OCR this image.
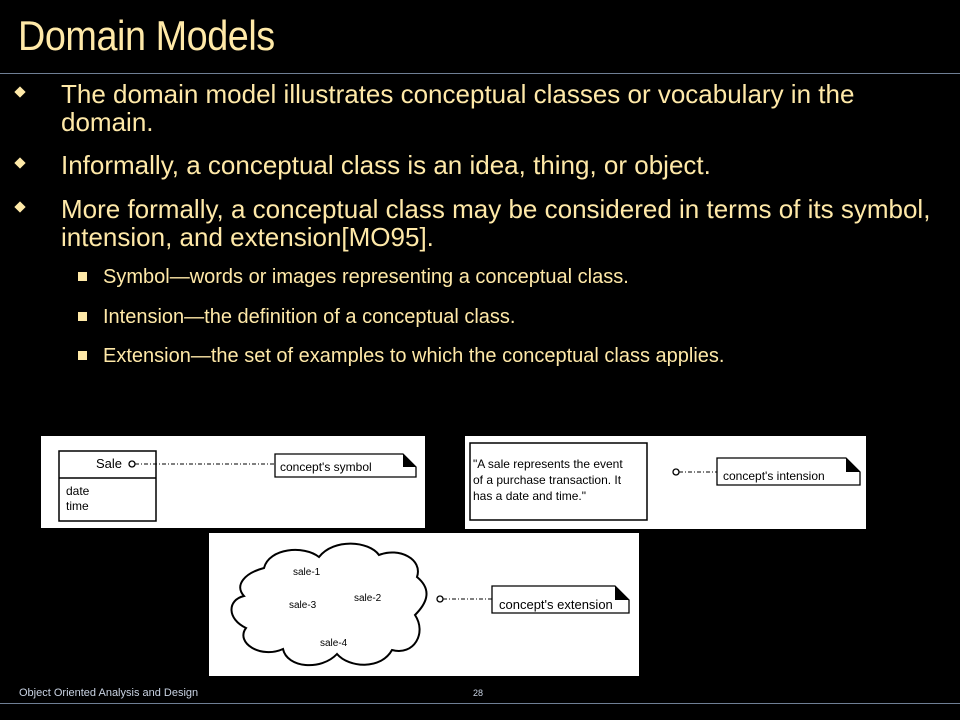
Domain Models
The domain model illustrates conceptual classes or vocabulary in the domain.
Informally, a conceptual class is an idea, thing, or object.
More formally, a conceptual class may be considered in terms of its symbol, intension, and extension[MO95].
Symbol—words or images representing a conceptual class.
Intension—the definition of a conceptual class.
Extension—the set of examples to which the conceptual class applies.
Sale
date
time
concept's symbol	"A sale represents the event
of a purchase transaction. It
has a date and time."
concept's intension
sale-1
sale-2
sale-3
sale-4
concept's extension
Object Oriented Analysis and Design	28
